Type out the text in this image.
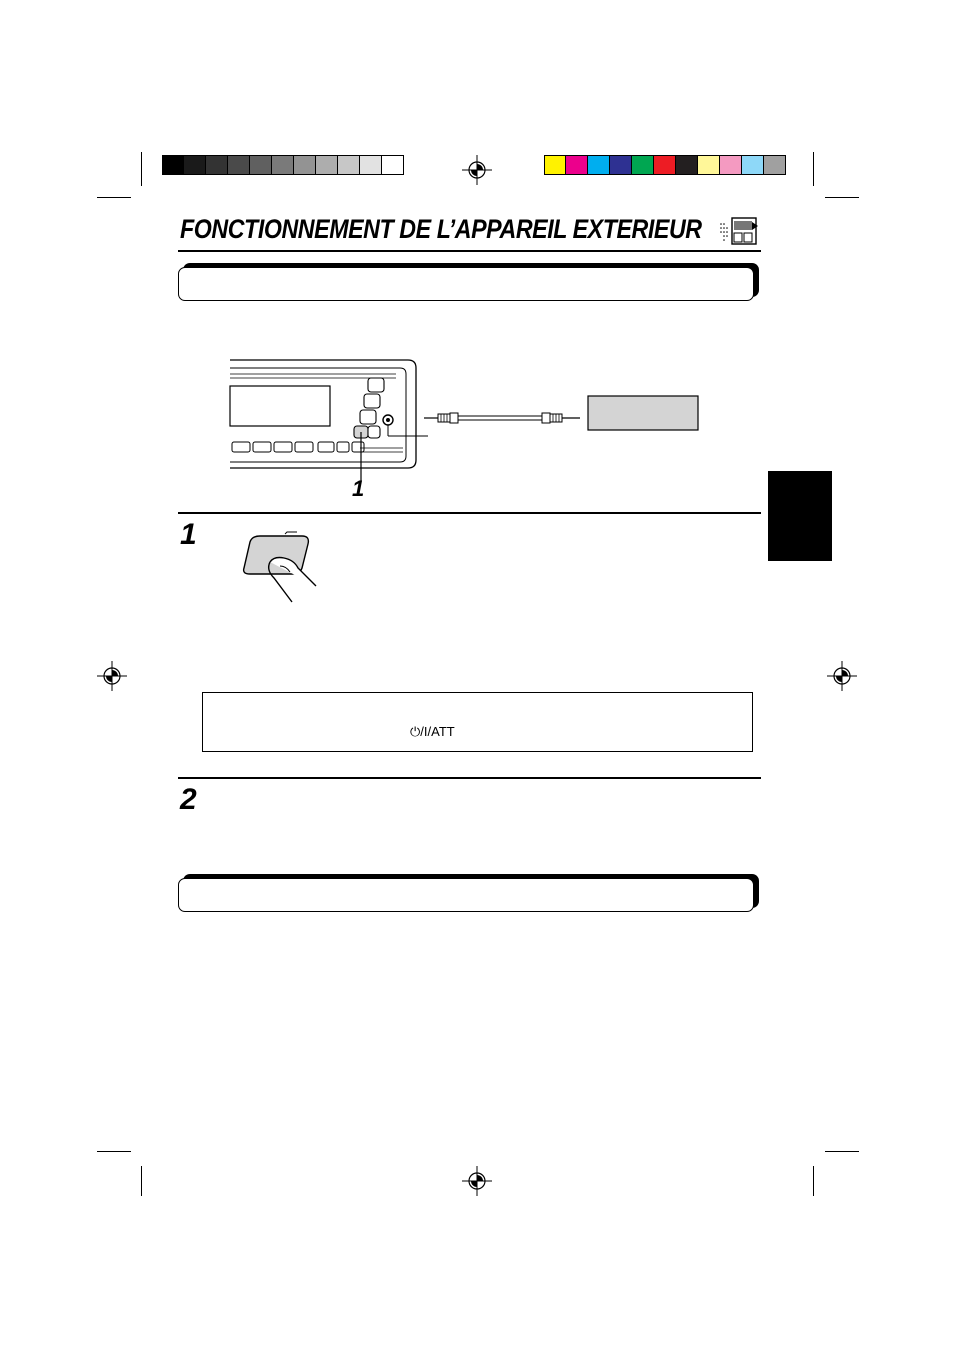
FONCTIONNEMENT DE L’APPAREIL EXTERIEUR
1
1
⏻/I/ATT
2
